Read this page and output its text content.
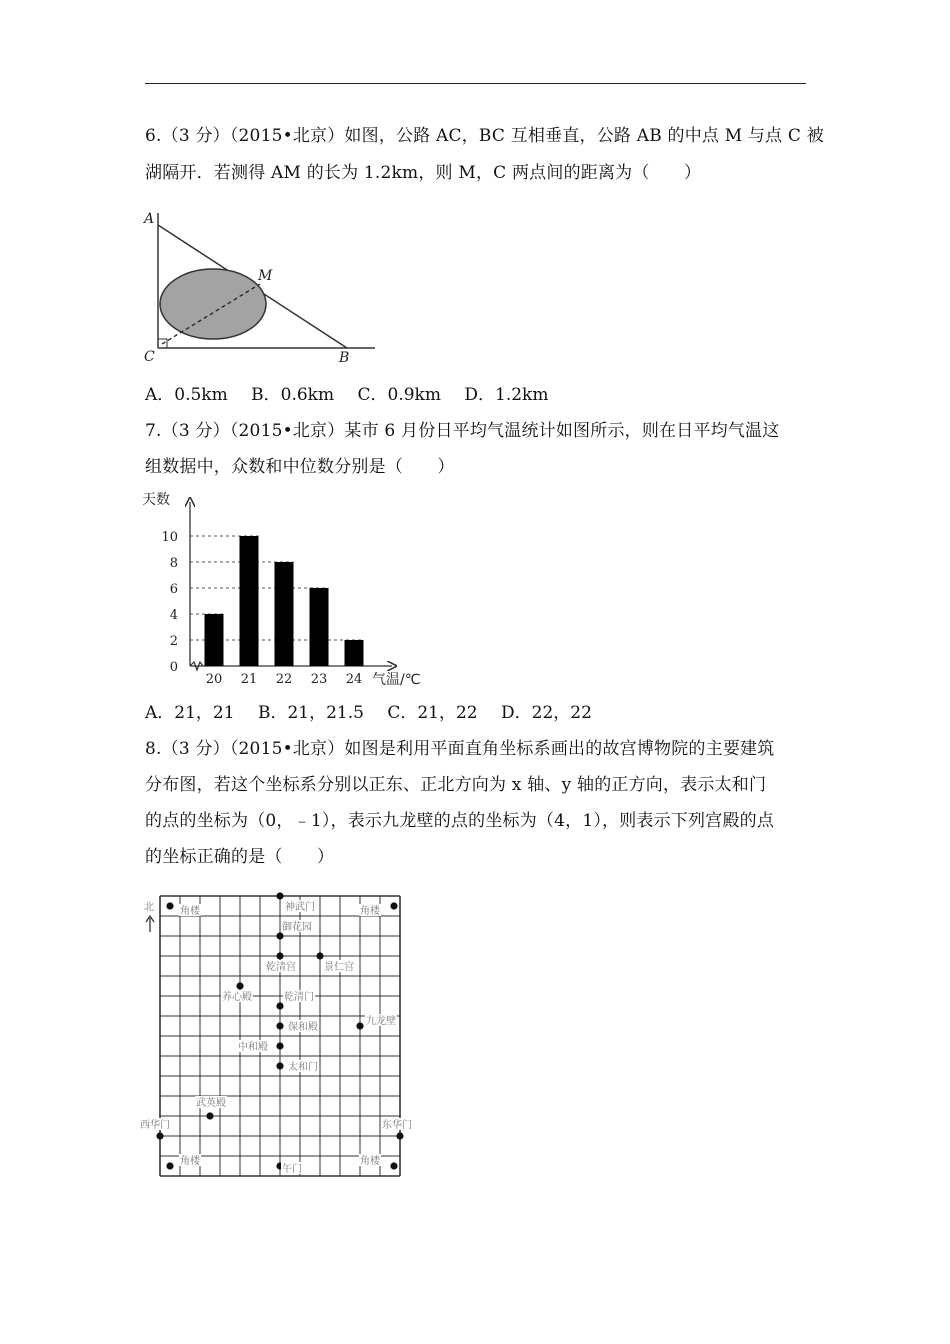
6.（3 分）（2015•北京）如图，公路 AC，BC 互相垂直，公路 AB 的中点 M 与点 C 被
湖隔开．若测得 AM 的长为 1.2km，则 M，C 两点间的距离为（　　）
A
M
C	B
A．0.5km B．0.6km C．0.9km D．1.2km
7.（3 分）（2015•北京）某市 6 月份日平均气温统计如图所示，则在日平均气温这
组数据中，众数和中位数分别是（　　）
0
2
4
6
8
10
20 21 22 23 24
天数
气温/℃
A．21，21 B．21，21.5 C．21，22 D．22，22
8.（3 分）（2015•北京）如图是利用平面直角坐标系画出的故宫博物院的主要建筑
分布图，若这个坐标系分别以正东、正北方向为 x 轴、y 轴的正方向，表示太和门
的点的坐标为（0，﹣1），表示九龙壁的点的坐标为（4，1），则表示下列宫殿的点
的坐标正确的是（　　）
北	角楼	神武门	角楼
御花园
乾清宫	景仁宫
养心殿	乾清门
保和殿
九龙壁
中和殿
太和门
武英殿
西华门	东华门
角楼
午门
角楼
